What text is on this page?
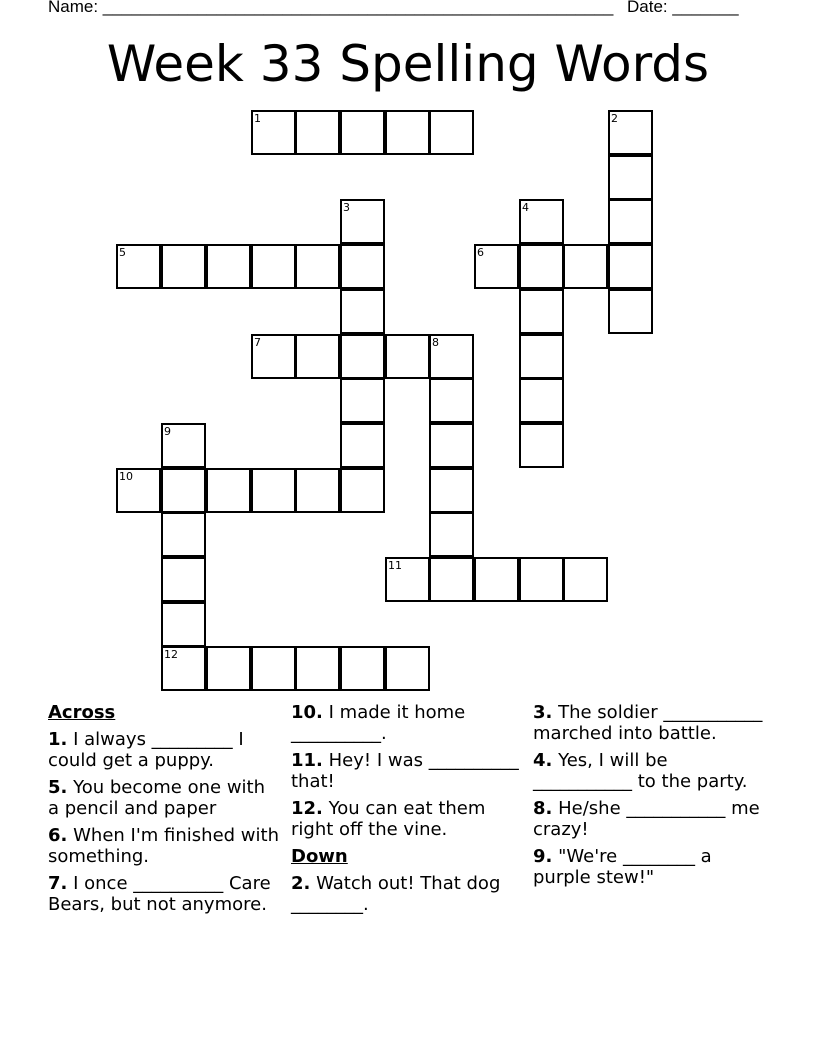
Name: ______________________________________________________ Date: _______
Week 33 Spelling Words
1
5	6
7	8
10
11
12
2
3	4
9
Across
1. I always _________ I could get a puppy.
5. You become one with a pencil and paper
6. When I'm finished with something.
7. I once __________ Care Bears, but not anymore.
10. I made it home __________.
11. Hey! I was __________ that!
12. You can eat them right off the vine.
Down
2. Watch out! That dog ________.
3. The soldier ___________ marched into battle.
4. Yes, I will be ___________ to the party.
8. He/she ___________ me crazy!
9. "We're ________ a purple stew!"
